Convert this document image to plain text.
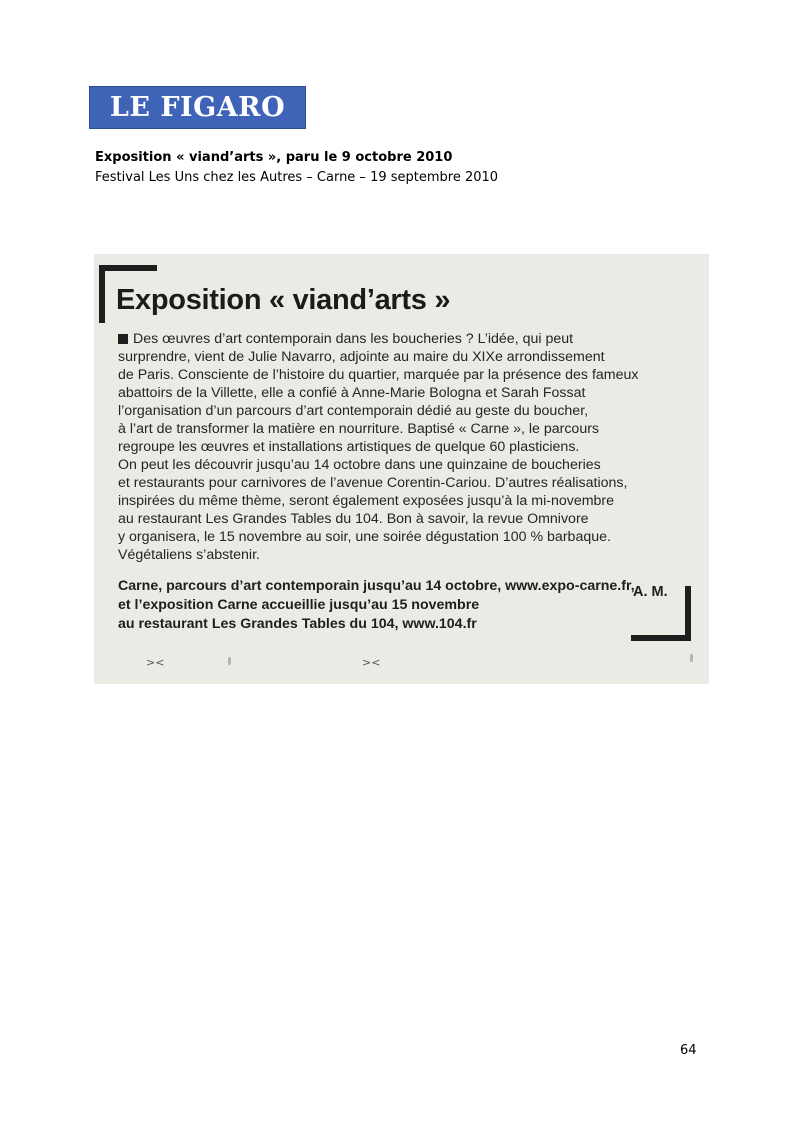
LE FIGARO
Exposition « viand’arts », paru le 9 octobre 2010
Festival Les Uns chez les Autres – Carne – 19 septembre 2010
Exposition « viand’arts »
Des œuvres d’art contemporain dans les boucheries ? L’idée, qui peut
surprendre, vient de Julie Navarro, adjointe au maire du XIXe arrondissement
de Paris. Consciente de l’histoire du quartier, marquée par la présence des fameux
abattoirs de la Villette, elle a confié à Anne-Marie Bologna et Sarah Fossat
l’organisation d’un parcours d’art contemporain dédié au geste du boucher,
à l’art de transformer la matière en nourriture. Baptisé « Carne », le parcours
regroupe les œuvres et installations artistiques de quelque 60 plasticiens.
On peut les découvrir jusqu’au 14 octobre dans une quinzaine de boucheries
et restaurants pour carnivores de l’avenue Corentin-Cariou. D’autres réalisations,
inspirées du même thème, seront également exposées jusqu’à la mi-novembre
au restaurant Les Grandes Tables du 104. Bon à savoir, la revue Omnivore
y organisera, le 15 novembre au soir, une soirée dégustation 100 % barbaque.
Végétaliens s’abstenir.
A. M.
Carne, parcours d’art contemporain jusqu’au 14 octobre, www.expo-carne.fr,
et l’exposition Carne accueillie jusqu’au 15 novembre
au restaurant Les Grandes Tables du 104, www.104.fr
><	><
64
